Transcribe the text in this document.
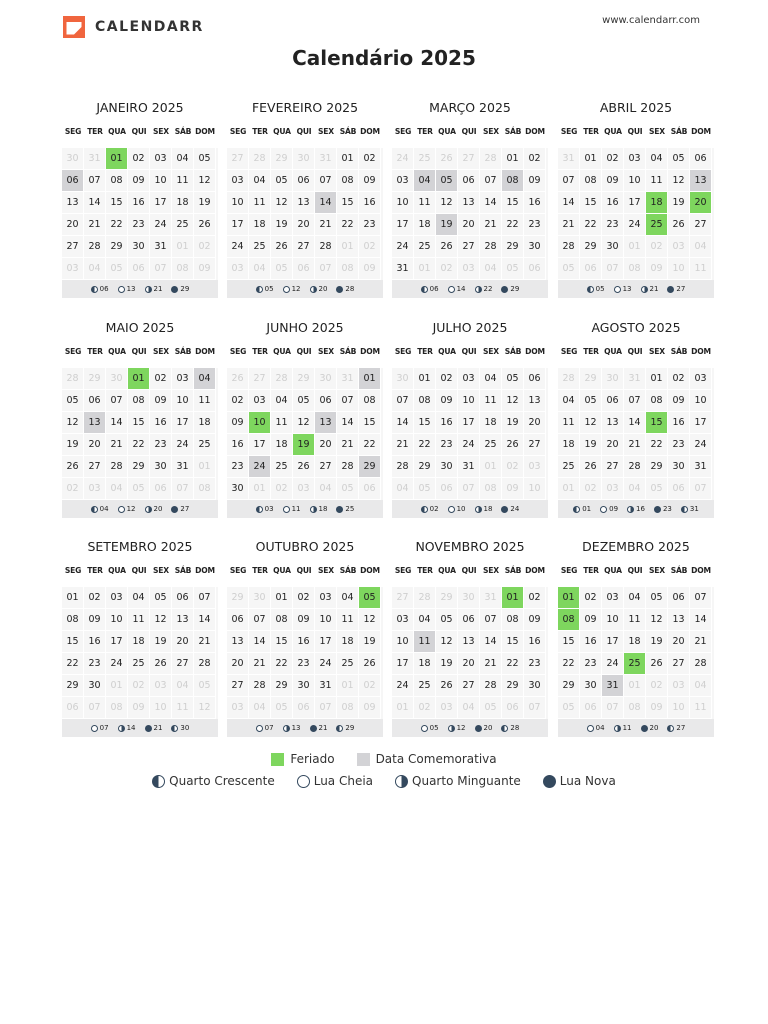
CALENDARR	www.calendarr.com
Calendário 2025
JANEIRO 2025
SEG TER QUA QUI SEX SÁB DOM
30	31	01	02	03	04	05
06	07	08	09	10	11	12
13	14	15	16	17	18	19
20	21	22	23	24	25	26
27	28	29	30	31	01	02
03	04	05	06	07	08	09
06	13	21	29
FEVEREIRO 2025
SEG TER QUA QUI SEX SÁB DOM
27	28	29	30	31	01	02
03	04	05	06	07	08	09
10	11	12	13	14	15	16
17	18	19	20	21	22	23
24	25	26	27	28	01	02
03	04	05	06	07	08	09
05	12	20	28
MARÇO 2025
SEG TER QUA QUI SEX SÁB DOM
24	25	26	27	28	01	02
03	04	05	06	07	08	09
10	11	12	13	14	15	16
17	18	19	20	21	22	23
24	25	26	27	28	29	30
31	01	02	03	04	05	06
06	14	22	29
ABRIL 2025
SEG TER QUA QUI SEX SÁB DOM
31	01	02	03	04	05	06
07	08	09	10	11	12	13
14	15	16	17	18	19	20
21	22	23	24	25	26	27
28	29	30	01	02	03	04
05	06	07	08	09	10	11
05	13	21	27
MAIO 2025
SEG TER QUA QUI SEX SÁB DOM
28	29	30	01	02	03	04
05	06	07	08	09	10	11
12	13	14	15	16	17	18
19	20	21	22	23	24	25
26	27	28	29	30	31	01
02	03	04	05	06	07	08
04	12	20	27
JUNHO 2025
SEG TER QUA QUI SEX SÁB DOM
26	27	28	29	30	31	01
02	03	04	05	06	07	08
09	10	11	12	13	14	15
16	17	18	19	20	21	22
23	24	25	26	27	28	29
30	01	02	03	04	05	06
03	11	18	25
JULHO 2025
SEG TER QUA QUI SEX SÁB DOM
30	01	02	03	04	05	06
07	08	09	10	11	12	13
14	15	16	17	18	19	20
21	22	23	24	25	26	27
28	29	30	31	01	02	03
04	05	06	07	08	09	10
02	10	18	24
AGOSTO 2025
SEG TER QUA QUI SEX SÁB DOM
28	29	30	31	01	02	03
04	05	06	07	08	09	10
11	12	13	14	15	16	17
18	19	20	21	22	23	24
25	26	27	28	29	30	31
01	02	03	04	05	06	07
01	09	16	23	31
SETEMBRO 2025
SEG TER QUA QUI SEX SÁB DOM
01	02	03	04	05	06	07
08	09	10	11	12	13	14
15	16	17	18	19	20	21
22	23	24	25	26	27	28
29	30	01	02	03	04	05
06	07	08	09	10	11	12
07	14	21	30
OUTUBRO 2025
SEG TER QUA QUI SEX SÁB DOM
29	30	01	02	03	04	05
06	07	08	09	10	11	12
13	14	15	16	17	18	19
20	21	22	23	24	25	26
27	28	29	30	31	01	02
03	04	05	06	07	08	09
07	13	21	29
NOVEMBRO 2025
SEG TER QUA QUI SEX SÁB DOM
27	28	29	30	31	01	02
03	04	05	06	07	08	09
10	11	12	13	14	15	16
17	18	19	20	21	22	23
24	25	26	27	28	29	30
01	02	03	04	05	06	07
05	12	20	28
DEZEMBRO 2025
SEG TER QUA QUI SEX SÁB DOM
01	02	03	04	05	06	07
08	09	10	11	12	13	14
15	16	17	18	19	20	21
22	23	24	25	26	27	28
29	30	31	01	02	03	04
05	06	07	08	09	10	11
04	11	20	27
Feriado	Data Comemorativa
Quarto Crescente	Lua Cheia	Quarto Minguante	Lua Nova
